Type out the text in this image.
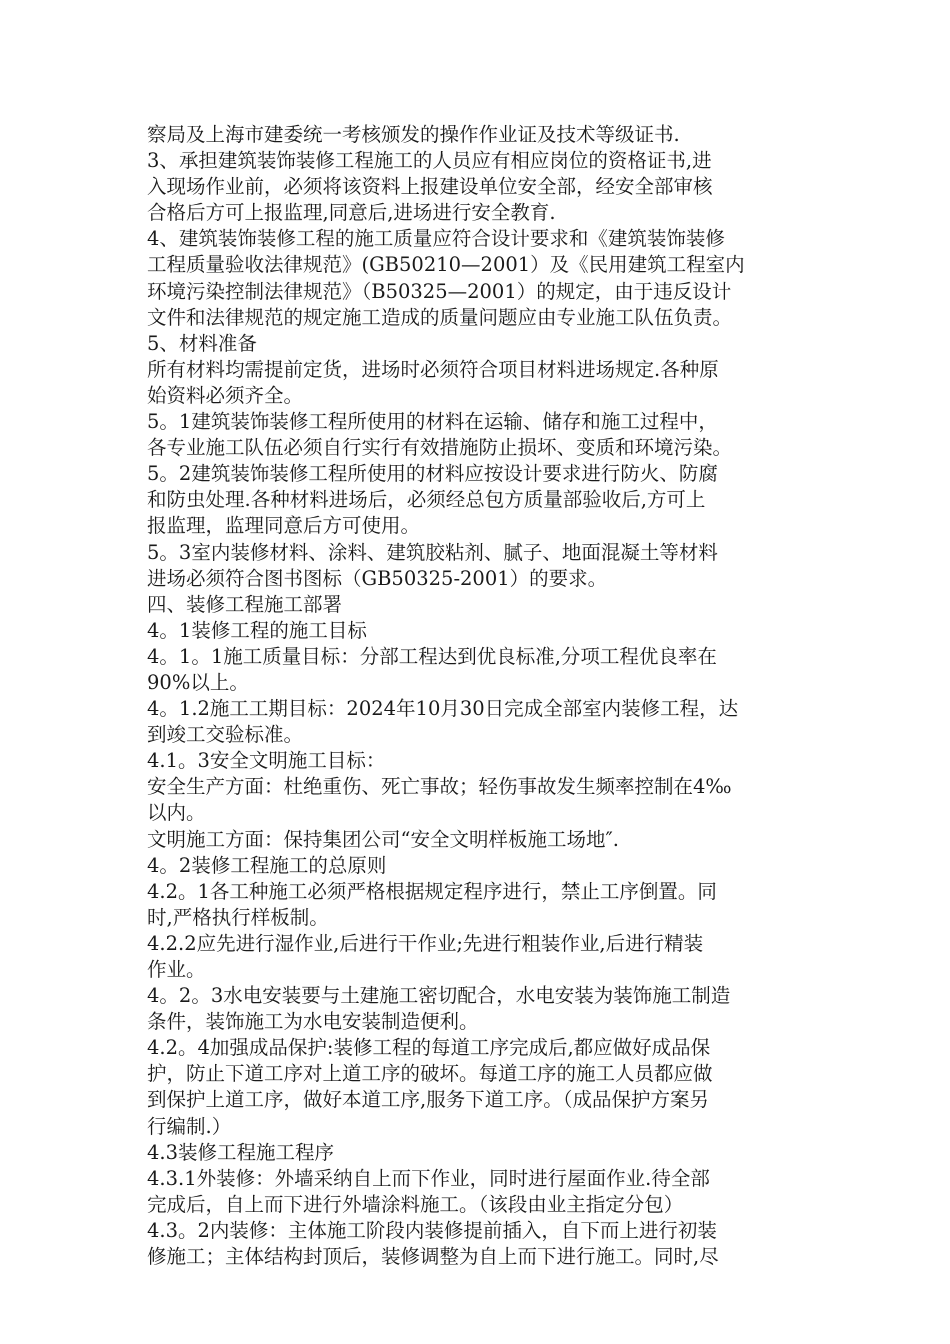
察局及上海市建委统一考核颁发的操作作业证及技术等级证书.
3、承担建筑装饰装修工程施工的人员应有相应岗位的资格证书,进
入现场作业前，必须将该资料上报建设单位安全部，经安全部审核
合格后方可上报监理,同意后,进场进行安全教育.
4、建筑装饰装修工程的施工质量应符合设计要求和《建筑装饰装修
工程质量验收法律规范》(GB50210—2001）及《民用建筑工程室内
环境污染控制法律规范》（B50325—2001）的规定，由于违反设计
文件和法律规范的规定施工造成的质量问题应由专业施工队伍负责。
5、材料准备
所有材料均需提前定货，进场时必须符合项目材料进场规定.各种原
始资料必须齐全。
5。1建筑装饰装修工程所使用的材料在运输、储存和施工过程中，
各专业施工队伍必须自行实行有效措施防止损坏、变质和环境污染。
5。2建筑装饰装修工程所使用的材料应按设计要求进行防火、防腐
和防虫处理.各种材料进场后，必须经总包方质量部验收后,方可上
报监理，监理同意后方可使用。
5。3室内装修材料、涂料、建筑胶粘剂、腻子、地面混凝土等材料
进场必须符合图书图标（GB50325-2001）的要求。
四、装修工程施工部署
4。1装修工程的施工目标
4。1。1施工质量目标：分部工程达到优良标准,分项工程优良率在
90%以上。
4。1.2施工工期目标：2024年10月30日完成全部室内装修工程，达
到竣工交验标准。
4.1。3安全文明施工目标：
安全生产方面：杜绝重伤、死亡事故；轻伤事故发生频率控制在4‰
以内。
文明施工方面：保持集团公司“安全文明样板施工场地″.
4。2装修工程施工的总原则
4.2。1各工种施工必须严格根据规定程序进行，禁止工序倒置。同
时,严格执行样板制。
4.2.2应先进行湿作业,后进行干作业;先进行粗装作业,后进行精装
作业。
4。2。3水电安装要与土建施工密切配合，水电安装为装饰施工制造
条件，装饰施工为水电安装制造便利。
4.2。4加强成品保护:装修工程的每道工序完成后,都应做好成品保
护，防止下道工序对上道工序的破坏。每道工序的施工人员都应做
到保护上道工序，做好本道工序,服务下道工序。（成品保护方案另
行编制.）
4.3装修工程施工程序
4.3.1外装修：外墙采纳自上而下作业，同时进行屋面作业.待全部
完成后，自上而下进行外墙涂料施工。（该段由业主指定分包）
4.3。2内装修：主体施工阶段内装修提前插入，自下而上进行初装
修施工；主体结构封顶后，装修调整为自上而下进行施工。同时,尽
